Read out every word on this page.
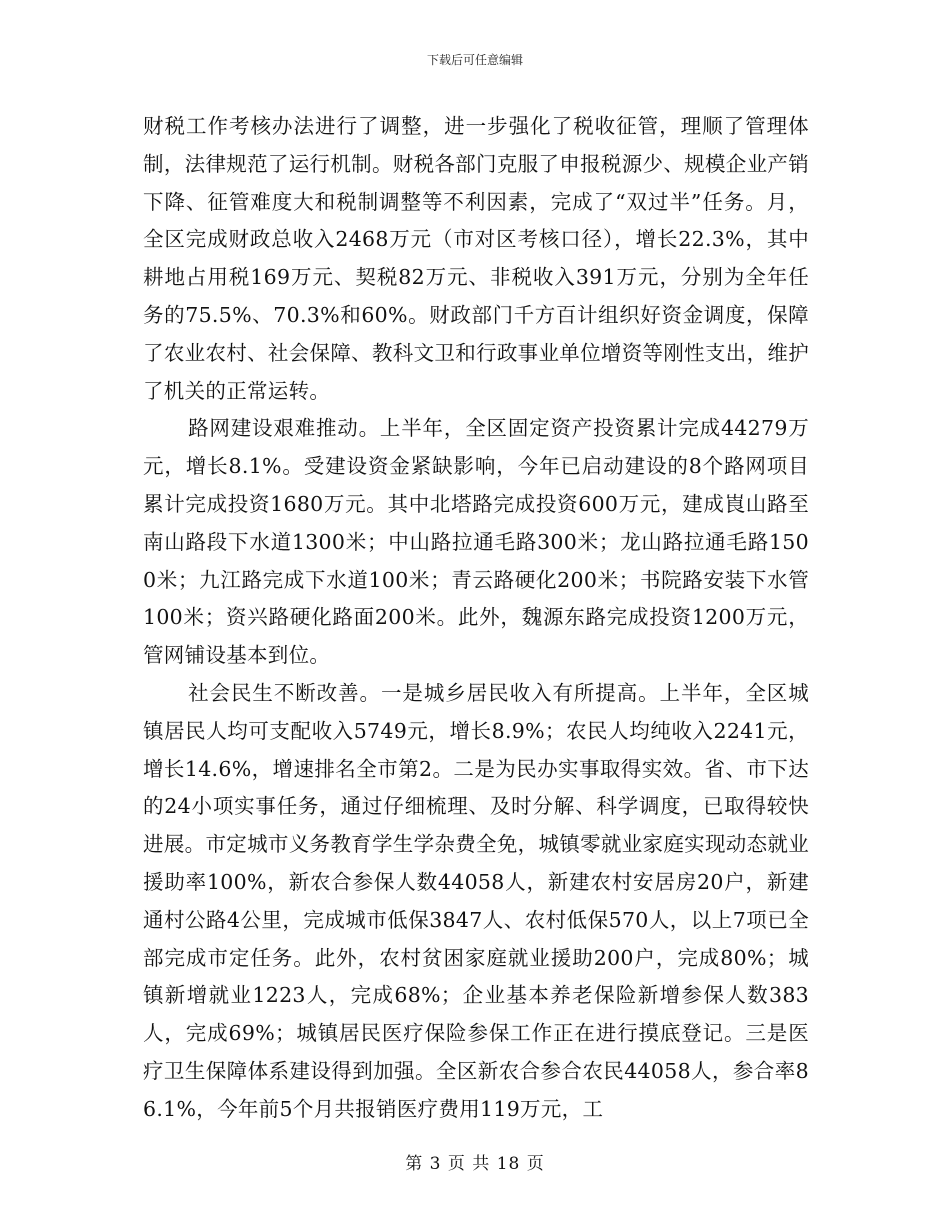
下载后可任意编辑

财税工作考核办法进行了调整，进一步强化了税收征管，理顺了管理体制，法律规范了运行机制。财税各部门克服了申报税源少、规模企业产销下降、征管难度大和税制调整等不利因素，完成了“双过半”任务。月，全区完成财政总收入2468万元（市对区考核口径），增长22.3%，其中耕地占用税169万元、契税82万元、非税收入391万元，分别为全年任务的75.5%、70.3%和60%。财政部门千方百计组织好资金调度，保障了农业农村、社会保障、教科文卫和行政事业单位增资等刚性支出，维护了机关的正常运转。

路网建设艰难推动。上半年，全区固定资产投资累计完成44279万元，增长8.1%。受建设资金紧缺影响，今年已启动建设的8个路网项目累计完成投资1680万元。其中北塔路完成投资600万元，建成崀山路至南山路段下水道1300米；中山路拉通毛路300米；龙山路拉通毛路1500米；九江路完成下水道100米；青云路硬化200米；书院路安装下水管100米；资兴路硬化路面200米。此外，魏源东路完成投资1200万元，管网铺设基本到位。

社会民生不断改善。一是城乡居民收入有所提高。上半年，全区城镇居民人均可支配收入5749元，增长8.9%；农民人均纯收入2241元，增长14.6%，增速排名全市第2。二是为民办实事取得实效。省、市下达的24小项实事任务，通过仔细梳理、及时分解、科学调度，已取得较快进展。市定城市义务教育学生学杂费全免，城镇零就业家庭实现动态就业援助率100%，新农合参保人数44058人，新建农村安居房20户，新建通村公路4公里，完成城市低保3847人、农村低保570人，以上7项已全部完成市定任务。此外，农村贫困家庭就业援助200户，完成80%；城镇新增就业1223人，完成68%；企业基本养老保险新增参保人数383人，完成69%；城镇居民医疗保险参保工作正在进行摸底登记。三是医疗卫生保障体系建设得到加强。全区新农合参合农民44058人，参合率86.1%，今年前5个月共报销医疗费用119万元，工

第 3 页 共 18 页
